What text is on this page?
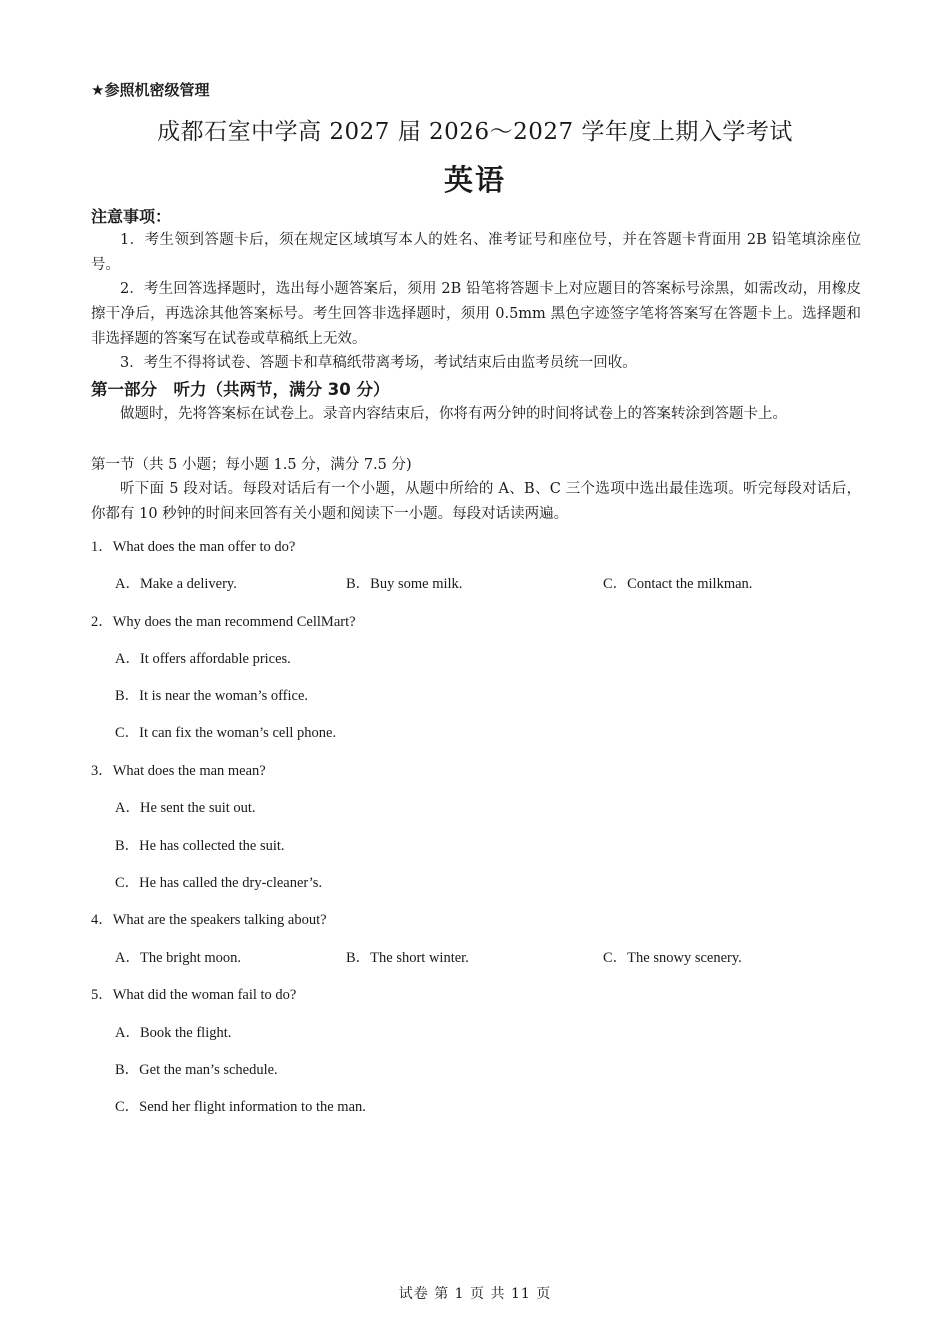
★参照机密级管理
成都石室中学高 2027 届 2026～2027 学年度上期入学考试
英语
注意事项：
1．考生领到答题卡后，须在规定区域填写本人的姓名、准考证号和座位号，并在答题卡背面用 2B 铅笔填涂座位号。
2．考生回答选择题时，选出每小题答案后，须用 2B 铅笔将答题卡上对应题目的答案标号涂黑，如需改动，用橡皮擦干净后，再选涂其他答案标号。考生回答非选择题时，须用 0.5mm 黑色字迹签字笔将答案写在答题卡上。选择题和非选择题的答案写在试卷或草稿纸上无效。
3．考生不得将试卷、答题卡和草稿纸带离考场，考试结束后由监考员统一回收。
第一部分　听力（共两节，满分 30 分）
做题时，先将答案标在试卷上。录音内容结束后，你将有两分钟的时间将试卷上的答案转涂到答题卡上。
第一节（共 5 小题；每小题 1.5 分，满分 7.5 分)
听下面 5 段对话。每段对话后有一个小题，从题中所给的 A、B、C 三个选项中选出最佳选项。听完每段对话后，你都有 10 秒钟的时间来回答有关小题和阅读下一小题。每段对话读两遍。
1．What does the man offer to do?
A．Make a delivery.	B．Buy some milk.	C．Contact the milkman.
2．Why does the man recommend CellMart?
A．It offers affordable prices.
B．It is near the woman’s office.
C．It can fix the woman’s cell phone.
3．What does the man mean?
A．He sent the suit out.
B．He has collected the suit.
C．He has called the dry-cleaner’s.
4．What are the speakers talking about?
A．The bright moon.	B．The short winter.	C．The snowy scenery.
5．What did the woman fail to do?
A．Book the flight.
B．Get the man’s schedule.
C．Send her flight information to the man.
试卷 第 1 页 共 11 页
